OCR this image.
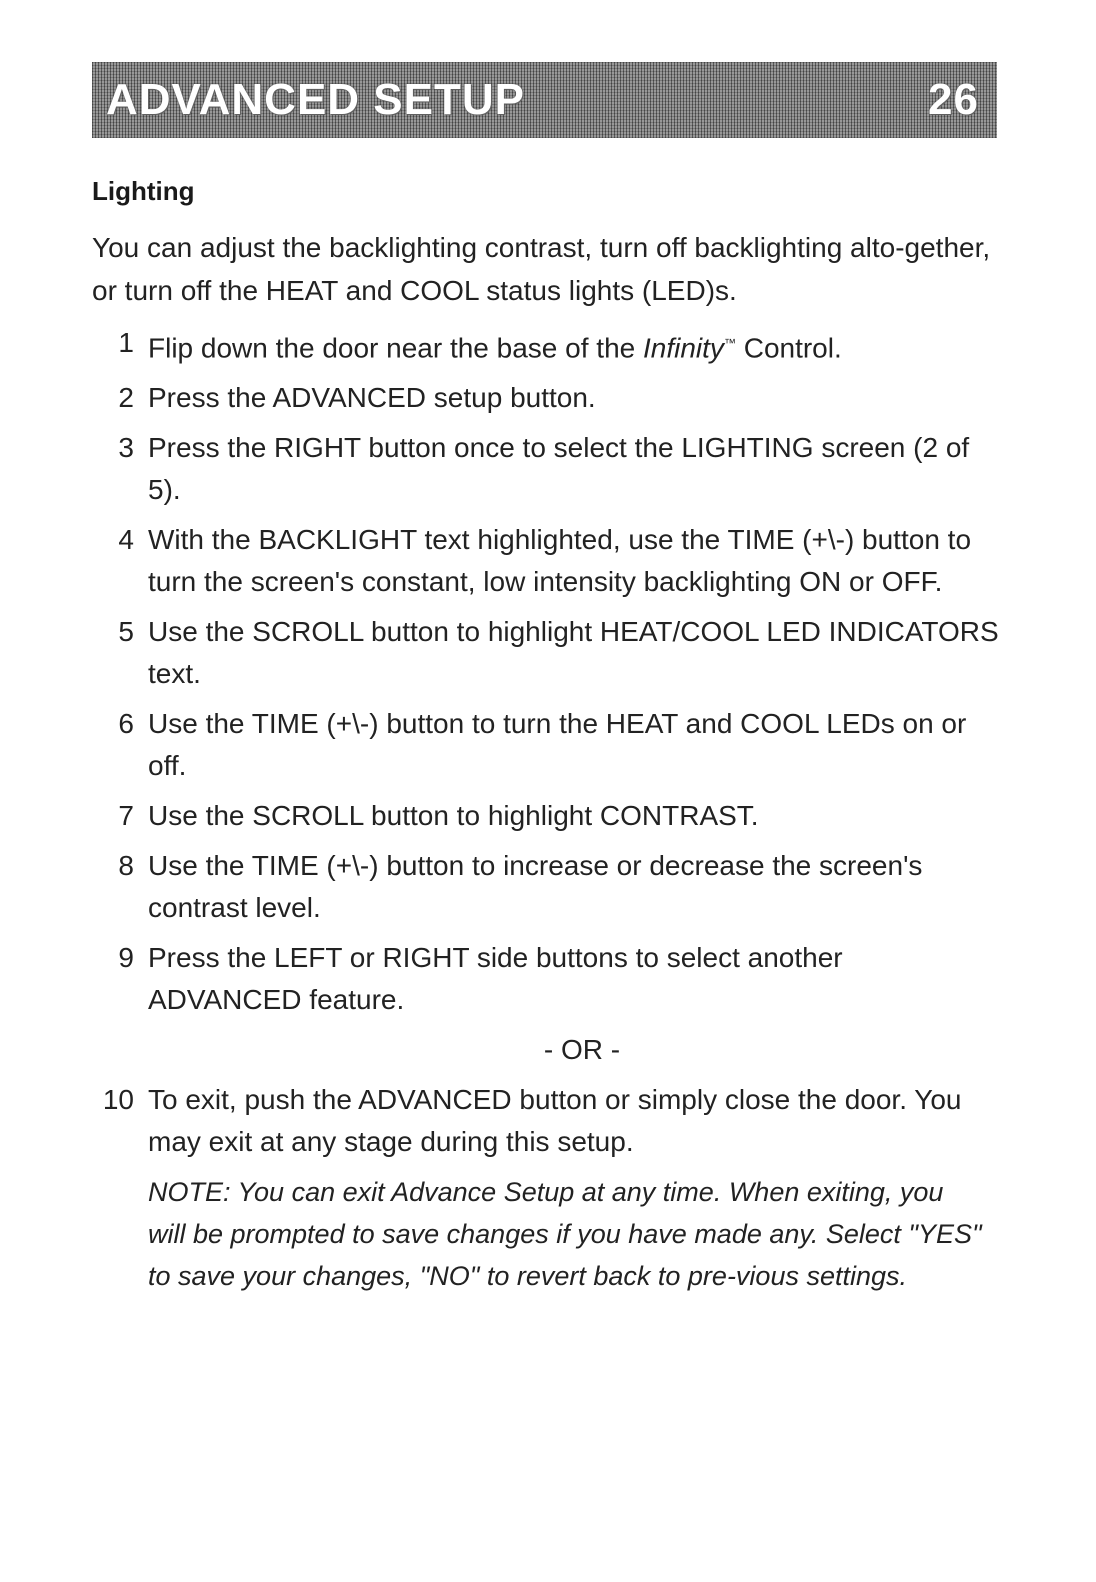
ADVANCED SETUP	26
Lighting
You can adjust the backlighting contrast, turn off backlighting alto-gether, or turn off the HEAT and COOL status lights (LED)s.
1 Flip down the door near the base of the Infinity™ Control.
2 Press the ADVANCED setup button.
3 Press the RIGHT button once to select the LIGHTING screen (2 of 5).
4 With the BACKLIGHT text highlighted, use the TIME (+\-) button to turn the screen's constant, low intensity backlighting ON or OFF.
5 Use the SCROLL button to highlight HEAT/COOL LED INDICATORS text.
6 Use the TIME (+\-) button to turn the HEAT and COOL LEDs on or off.
7 Use the SCROLL button to highlight CONTRAST.
8 Use the TIME (+\-) button to increase or decrease the screen's contrast level.
9 Press the LEFT or RIGHT side buttons to select another ADVANCED feature.
- OR -
10 To exit, push the ADVANCED button or simply close the door. You may exit at any stage during this setup.
NOTE: You can exit Advance Setup at any time. When exiting, you will be prompted to save changes if you have made any. Select "YES" to save your changes, "NO" to revert back to pre-vious settings.
